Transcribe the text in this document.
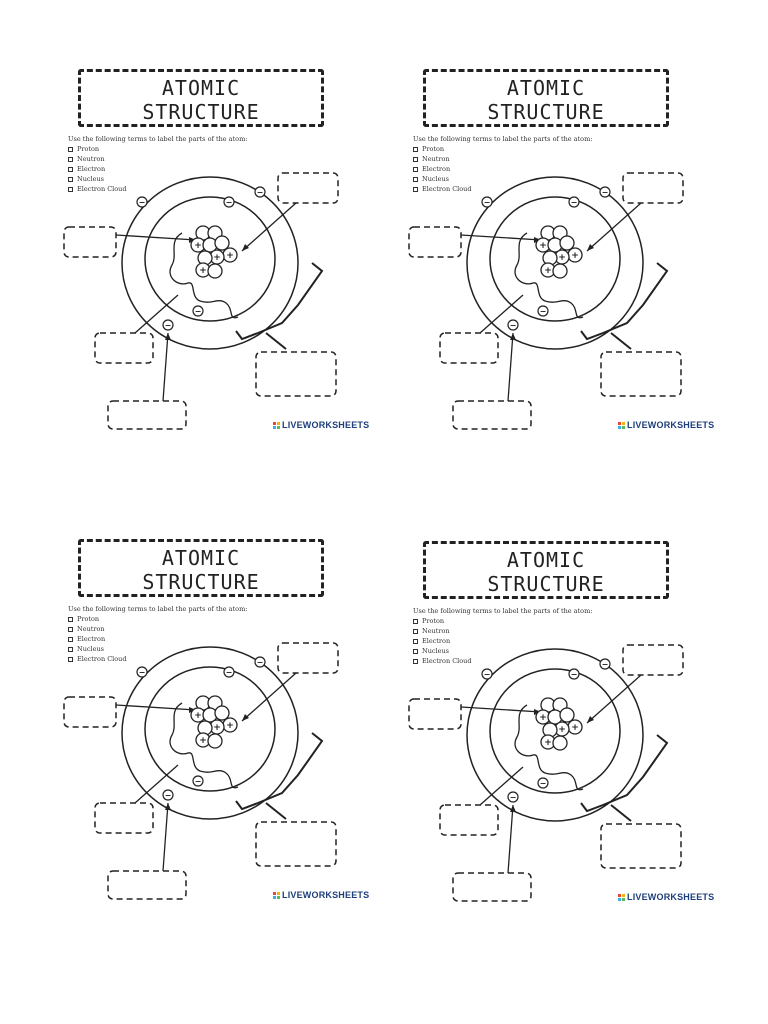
ATOMIC
STRUCTURE
Use the following terms to label the parts of the atom:
Proton
Neutron
Electron
Nucleus
Electron Cloud
+
+
+
+
−
−
−
−
−
LIVEWORKSHEETS
ATOMIC
STRUCTURE
Use the following terms to label the parts of the atom:
Proton
Neutron
Electron
Nucleus
Electron Cloud
+
+
+
+
−
−
−
−
−
LIVEWORKSHEETS
ATOMIC
STRUCTURE
Use the following terms to label the parts of the atom:
Proton
Neutron
Electron
Nucleus
Electron Cloud
+
+
+
+
−
−
−
−
−
LIVEWORKSHEETS
ATOMIC
STRUCTURE
Use the following terms to label the parts of the atom:
Proton
Neutron
Electron
Nucleus
Electron Cloud
+
+
+
+
−
−
−
−
−
LIVEWORKSHEETS
